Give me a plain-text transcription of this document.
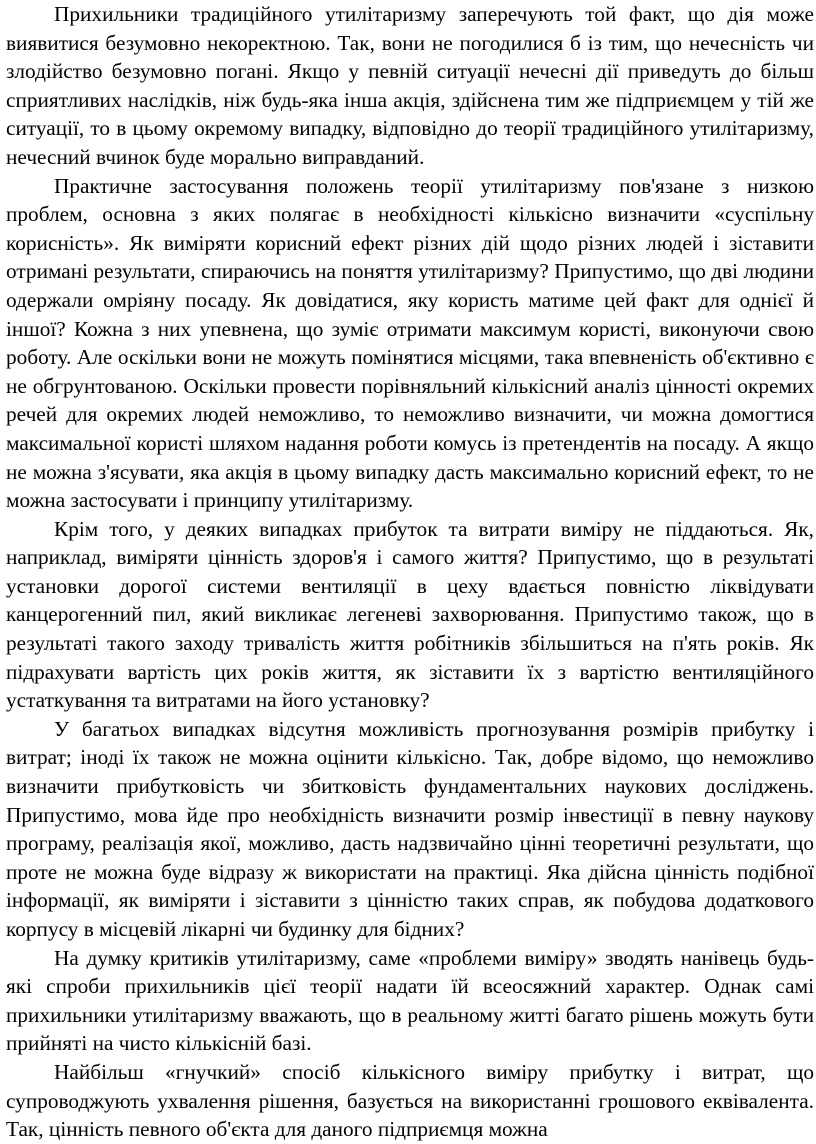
Прихильники традиційного утилітаризму заперечують той факт, що дія може виявитися безумовно некоректною. Так, вони не погодилися б із тим, що нечесність чи злодійство безумовно погані. Якщо у певній ситуації нечесні дії приведуть до більш сприятливих наслідків, ніж будь-яка інша акція, здійснена тим же підприємцем у тій же ситуації, то в цьому окремому випадку, відповідно до теорії традиційного утилітаризму, нечесний вчинок буде морально виправданий.

Практичне застосування положень теорії утилітаризму пов'язане з низкою проблем, основна з яких полягає в необхідності кількісно визначити «суспільну корисність». Як виміряти корисний ефект різних дій щодо різних людей і зіставити отримані результати, спираючись на поняття утилітаризму? Припустимо, що дві людини одержали омріяну посаду. Як довідатися, яку користь матиме цей факт для однієї й іншої? Кожна з них упевнена, що зуміє отримати максимум користі, виконуючи свою роботу. Але оскільки вони не можуть помінятися місцями, така впевненість об'єктивно є не обгрунтованою. Оскільки провести порівняльний кількісний аналіз цінності окремих речей для окремих людей неможливо, то неможливо визначити, чи можна домогтися максимальної користі шляхом надання роботи комусь із претендентів на посаду. А якщо не можна з'ясувати, яка акція в цьому випадку дасть максимально корисний ефект, то не можна застосувати і принципу утилітаризму.

Крім того, у деяких випадках прибуток та витрати виміру не піддаються. Як, наприклад, виміряти цінність здоров'я і самого життя? Припустимо, що в результаті установки дорогої системи вентиляції в цеху вдається повністю ліквідувати канцерогенний пил, який викликає легеневі захворювання. Припустимо також, що в результаті такого заходу тривалість життя робітників збільшиться на п'ять років. Як підрахувати вартість цих років життя, як зіставити їх з вартістю вентиляційного устаткування та витратами на його установку?

У багатьох випадках відсутня можливість прогнозування розмірів прибутку і витрат; іноді їх також не можна оцінити кількісно. Так, добре відомо, що неможливо визначити прибутковість чи збитковість фундаментальних наукових досліджень. Припустимо, мова йде про необхідність визначити розмір інвестиції в певну наукову програму, реалізація якої, можливо, дасть надзвичайно цінні теоретичні результати, що проте не можна буде відразу ж використати на практиці. Яка дійсна цінність подібної інформації, як виміряти і зіставити з цінністю таких справ, як побудова додаткового корпусу в місцевій лікарні чи будинку для бідних?

На думку критиків утилітаризму, саме «проблеми виміру» зводять нанівець будь-які спроби прихильників цієї теорії надати їй всеосяжний характер. Однак самі прихильники утилітаризму вважають, що в реальному житті багато рішень можуть бути прийняті на чисто кількісній базі.

Найбільш «гнучкий» спосіб кількісного виміру прибутку і витрат, що супроводжують ухвалення рішення, базується на використанні грошового еквівалента. Так, цінність певного об'єкта для даного підприємця можна
